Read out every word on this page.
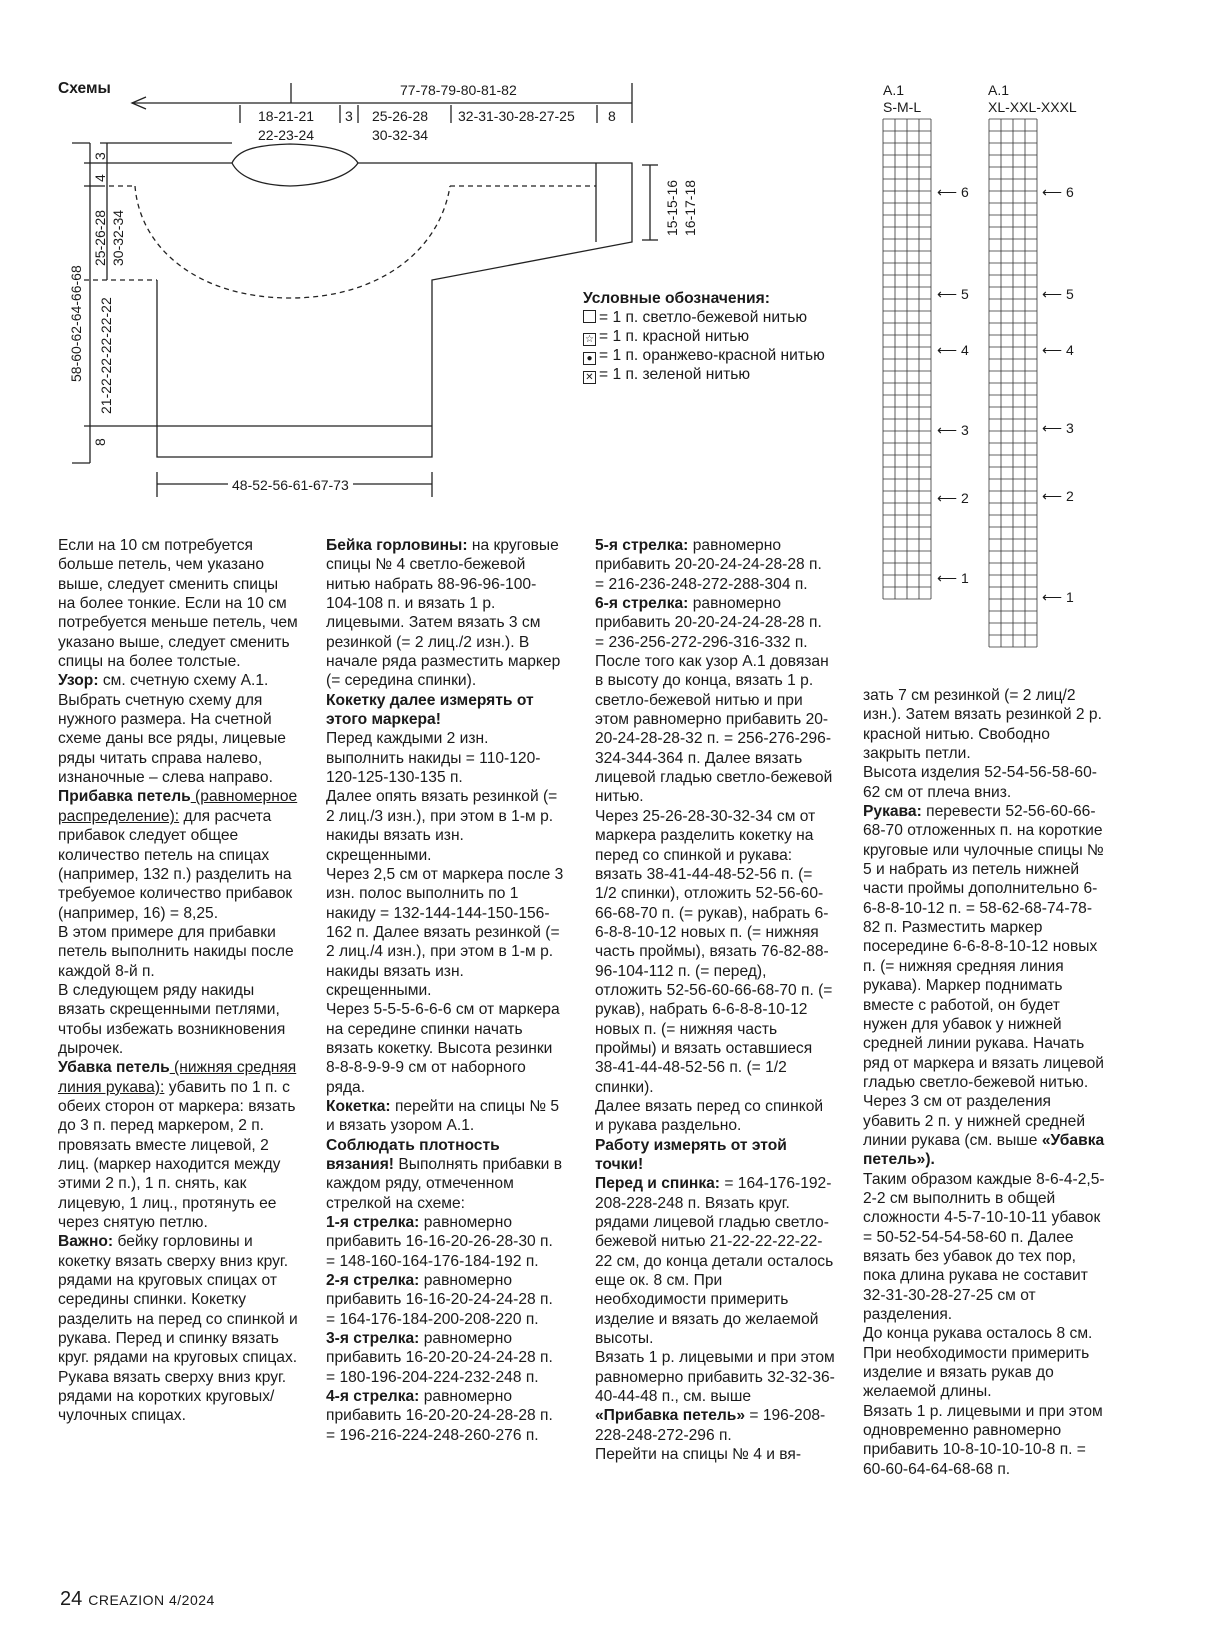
Схемы	77-78-79-80-81-82
18-21-21
22-23-24
3 25-26-28
30-32-34
32-31-30-28-27-25 8
3
4
25-26-28 30-32-34
58-60-62-64-66-68 21-22-22-22-22-22
8
15-15-16 16-17-18
48-52-56-61-67-73
Условные обозначения:
= 1 п. светло-бежевой нитью
☆ = 1 п. красной нитью
● = 1 п. оранжево-красной нитью
✕ = 1 п. зеленой нитью
A.1
S-M-L
A.1
XL-XXL-XXXL
⟵ 6
⟵ 5
⟵ 4
⟵ 3
⟵ 2
⟵ 1
⟵ 6
⟵ 5
⟵ 4
⟵ 3
⟵ 2
⟵ 1

Если на 10 см потребуется больше петель, чем указано выше, следует сменить спицы на более тонкие. Если на 10 см потребуется меньше петель, чем указано выше, следует сменить спицы на более толстые.

Узор: см. счетную схему A.1. Выбрать счетную схему для нужного размера. На счетной схеме даны все ряды, лицевые ряды читать справа налево, изнаночные – слева направо.

Прибавка петель (равномерное распределение): для расчета прибавок следует общее количество петель на спицах (например, 132 п.) разделить на требуемое количество прибавок (например, 16) = 8,25.

В этом примере для прибавки петель выполнить накиды после каждой 8-й п.

В следующем ряду накиды вязать скрещенными петлями, чтобы избежать возникновения дырочек.

Убавка петель (нижняя средняя линия рукава): убавить по 1 п. с обеих сторон от маркера: вязать до 3 п. перед маркером, 2 п. провязать вместе лицевой, 2 лиц. (маркер находится между этими 2 п.), 1 п. снять, как лицевую, 1 лиц., протянуть ее через снятую петлю.

Важно: бейку горловины и кокетку вязать сверху вниз круг. рядами на круговых спицах от середины спинки. Кокетку разделить на перед со спинкой и рукава. Перед и спинку вязать круг. рядами на круговых спицах. Рукава вязать сверху вниз круг. рядами на коротких круговых/ чулочных спицах.

Бейка горловины: на круговые спицы № 4 светло-бежевой нитью набрать 88-96-96-100-104-108 п. и вязать 1 р. лицевыми. Затем вязать 3 см резинкой (= 2 лиц./2 изн.). В начале ряда разместить маркер (= середина спинки).

Кокетку далее измерять от этого маркера!

Перед каждыми 2 изн. выполнить накиды = 110-120-120-125-130-135 п.

Далее опять вязать резинкой (= 2 лиц./3 изн.), при этом в 1-м р. накиды вязать изн. скрещенными.

Через 2,5 см от маркера после 3 изн. полос выполнить по 1 накиду = 132-144-144-150-156-162 п. Далее вязать резинкой (= 2 лиц./4 изн.), при этом в 1-м р. накиды вязать изн. скрещенными.

Через 5-5-5-6-6-6 см от маркера на середине спинки начать вязать кокетку. Высота резинки 8-8-8-9-9-9 см от наборного ряда.

Кокетка: перейти на спицы № 5 и вязать узором A.1.

Соблюдать плотность вязания! Выполнять прибавки в каждом ряду, отмеченном стрелкой на схеме:

1-я стрелка: равномерно прибавить 16-16-20-26-28-30 п. = 148-160-164-176-184-192 п.

2-я стрелка: равномерно прибавить 16-16-20-24-24-28 п. = 164-176-184-200-208-220 п.

3-я стрелка: равномерно прибавить 16-20-20-24-24-28 п. = 180-196-204-224-232-248 п.

4-я стрелка: равномерно прибавить 16-20-20-24-28-28 п. = 196-216-224-248-260-276 п.

5-я стрелка: равномерно прибавить 20-20-24-24-28-28 п. = 216-236-248-272-288-304 п.

6-я стрелка: равномерно прибавить 20-20-24-24-28-28 п. = 236-256-272-296-316-332 п.

После того как узор A.1 довязан в высоту до конца, вязать 1 р. светло-бежевой нитью и при этом равномерно прибавить 20-20-24-28-28-32 п. = 256-276-296-324-344-364 п. Далее вязать лицевой гладью светло-бежевой нитью.

Через 25-26-28-30-32-34 см от маркера разделить кокетку на перед со спинкой и рукава: вязать 38-41-44-48-52-56 п. (= 1/2 спинки), отложить 52-56-60-66-68-70 п. (= рукав), набрать 6-6-8-8-10-12 новых п. (= нижняя часть проймы), вязать 76-82-88-96-104-112 п. (= перед), отложить 52-56-60-66-68-70 п. (= рукав), набрать 6-6-8-8-10-12 новых п. (= нижняя часть проймы) и вязать оставшиеся 38-41-44-48-52-56 п. (= 1/2 спинки).

Далее вязать перед со спинкой и рукава раздельно.

Работу измерять от этой точки!

Перед и спинка: = 164-176-192-208-228-248 п. Вязать круг. рядами лицевой гладью светло-бежевой нитью 21-22-22-22-22-22 см, до конца детали осталось еще ок. 8 см. При необходимости примерить изделие и вязать до желаемой высоты.

Вязать 1 р. лицевыми и при этом равномерно прибавить 32-32-36-40-44-48 п., см. выше «Прибавка петель» = 196-208-228-248-272-296 п.

Перейти на спицы № 4 и вя-

зать 7 см резинкой (= 2 лиц/2 изн.). Затем вязать резинкой 2 р. красной нитью. Свободно закрыть петли.

Высота изделия 52-54-56-58-60-62 см от плеча вниз.

Рукава: перевести 52-56-60-66-68-70 отложенных п. на короткие круговые или чулочные спицы № 5 и набрать из петель нижней части проймы дополнительно 6-6-8-8-10-12 п. = 58-62-68-74-78-82 п. Разместить маркер посередине 6-6-8-8-10-12 новых п. (= нижняя средняя линия рукава). Маркер поднимать вместе с работой, он будет нужен для убавок у нижней средней линии рукава. Начать ряд от маркера и вязать лицевой гладью светло-бежевой нитью.

Через 3 см от разделения убавить 2 п. у нижней средней линии рукава (см. выше «Убавка петель»).

Таким образом каждые 8-6-4-2,5-2-2 см выполнить в общей сложности 4-5-7-10-10-11 убавок = 50-52-54-54-58-60 п. Далее вязать без убавок до тех пор, пока длина рукава не составит 32-31-30-28-27-25 см от разделения.

До конца рукава осталось 8 см. При необходимости примерить изделие и вязать рукав до желаемой длины.

Вязать 1 р. лицевыми и при этом одновременно равномерно прибавить 10-8-10-10-10-8 п. = 60-60-64-64-68-68 п.

24 CREAZION 4/2024
